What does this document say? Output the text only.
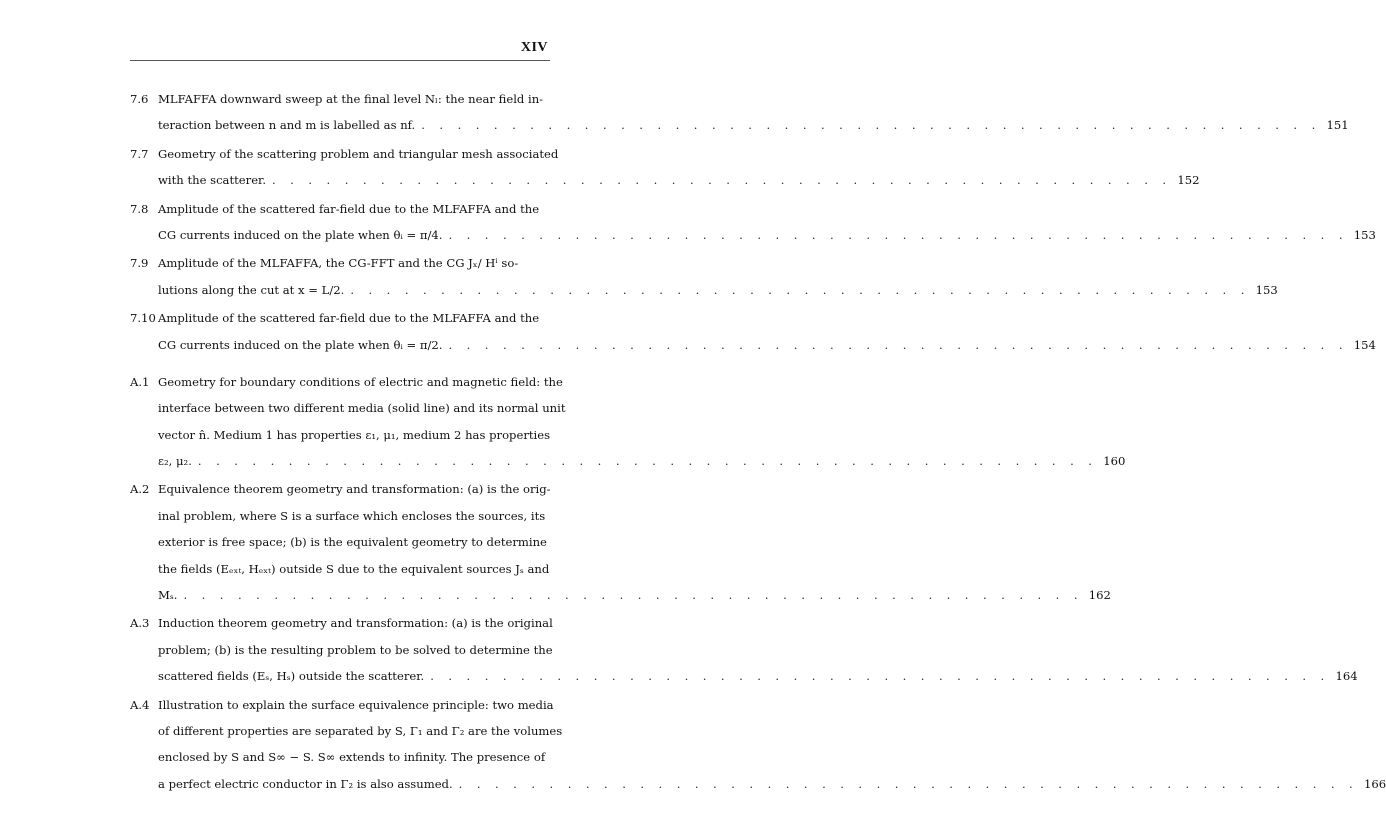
XIV
7.6 MLFAFFA downward sweep at the final level Nₗ: the near field in-
teraction between n and m is labelled as nf. . . . . . . . . . . . . . . . . . . . . . . . . . . . . . . . . . . . . . . . . . . . . . . . . . . 151
7.7 Geometry of the scattering problem and triangular mesh associated
with the scatterer. . . . . . . . . . . . . . . . . . . . . . . . . . . . . . . . . . . . . . . . . . . . . . . . . . . 152
7.8 Amplitude of the scattered far-field due to the MLFAFFA and the
CG currents induced on the plate when θᵢ = π/4. . . . . . . . . . . . . . . . . . . . . . . . . . . . . . . . . . . . . . . . . . . . . . . . . . . 153
7.9 Amplitude of the MLFAFFA, the CG-FFT and the CG Jₓ/ Hⁱ so-
lutions along the cut at x = L/2. . . . . . . . . . . . . . . . . . . . . . . . . . . . . . . . . . . . . . . . . . . . . . . . . . . 153
7.10 Amplitude of the scattered far-field due to the MLFAFFA and the
CG currents induced on the plate when θᵢ = π/2. . . . . . . . . . . . . . . . . . . . . . . . . . . . . . . . . . . . . . . . . . . . . . . . . . . 154
A.1 Geometry for boundary conditions of electric and magnetic field: the
interface between two different media (solid line) and its normal unit
vector n̂. Medium 1 has properties ε₁, μ₁, medium 2 has properties
ε₂, μ₂. . . . . . . . . . . . . . . . . . . . . . . . . . . . . . . . . . . . . . . . . . . . . . . . . . . 160
A.2 Equivalence theorem geometry and transformation: (a) is the orig-
inal problem, where S is a surface which encloses the sources, its
exterior is free space; (b) is the equivalent geometry to determine
the fields (Eₑₓₜ, Hₑₓₜ) outside S due to the equivalent sources Jₛ and
Mₛ. . . . . . . . . . . . . . . . . . . . . . . . . . . . . . . . . . . . . . . . . . . . . . . . . . . 162
A.3 Induction theorem geometry and transformation: (a) is the original
problem; (b) is the resulting problem to be solved to determine the
scattered fields (Eₛ, Hₛ) outside the scatterer. . . . . . . . . . . . . . . . . . . . . . . . . . . . . . . . . . . . . . . . . . . . . . . . . . . 164
A.4 Illustration to explain the surface equivalence principle: two media
of different properties are separated by S, Γ₁ and Γ₂ are the volumes
enclosed by S and S∞ − S. S∞ extends to infinity. The presence of
a perfect electric conductor in Γ₂ is also assumed. . . . . . . . . . . . . . . . . . . . . . . . . . . . . . . . . . . . . . . . . . . . . . . . . . . 166
